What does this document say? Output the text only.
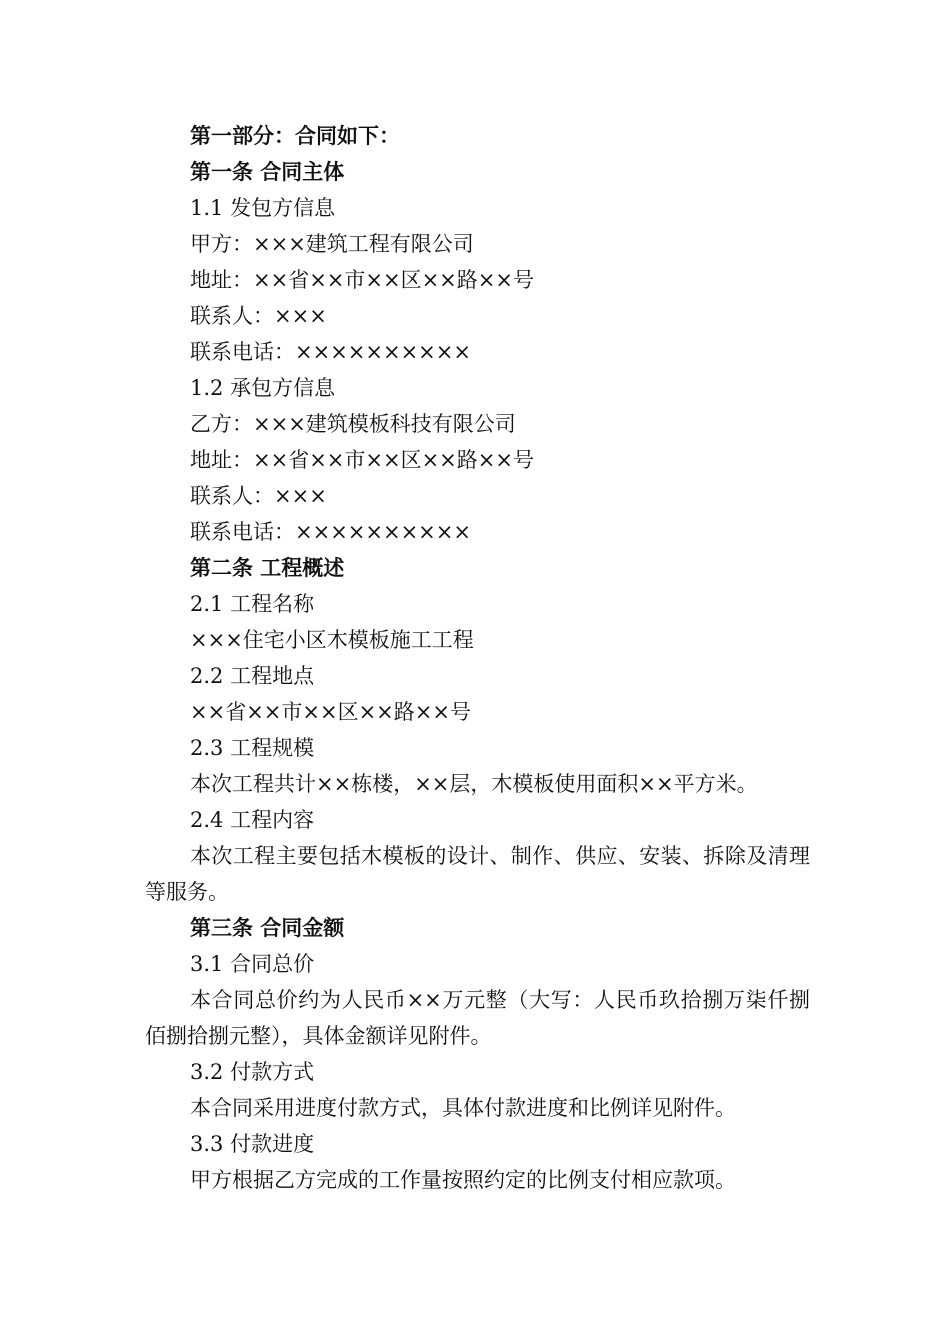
第一部分：合同如下：
第一条 合同主体
1.1 发包方信息
甲方：×××建筑工程有限公司
地址：××省××市××区××路××号
联系人：×××
联系电话：××××××××××
1.2 承包方信息
乙方：×××建筑模板科技有限公司
地址：××省××市××区××路××号
联系人：×××
联系电话：××××××××××
第二条 工程概述
2.1 工程名称
×××住宅小区木模板施工工程
2.2 工程地点
××省××市××区××路××号
2.3 工程规模
本次工程共计××栋楼，××层，木模板使用面积××平方米。
2.4 工程内容
本次工程主要包括木模板的设计、制作、供应、安装、拆除及清理等服务。
第三条 合同金额
3.1 合同总价
本合同总价约为人民币××万元整（大写：人民币玖拾捌万柒仟捌佰捌拾捌元整），具体金额详见附件。
3.2 付款方式
本合同采用进度付款方式，具体付款进度和比例详见附件。
3.3 付款进度
甲方根据乙方完成的工作量按照约定的比例支付相应款项。
